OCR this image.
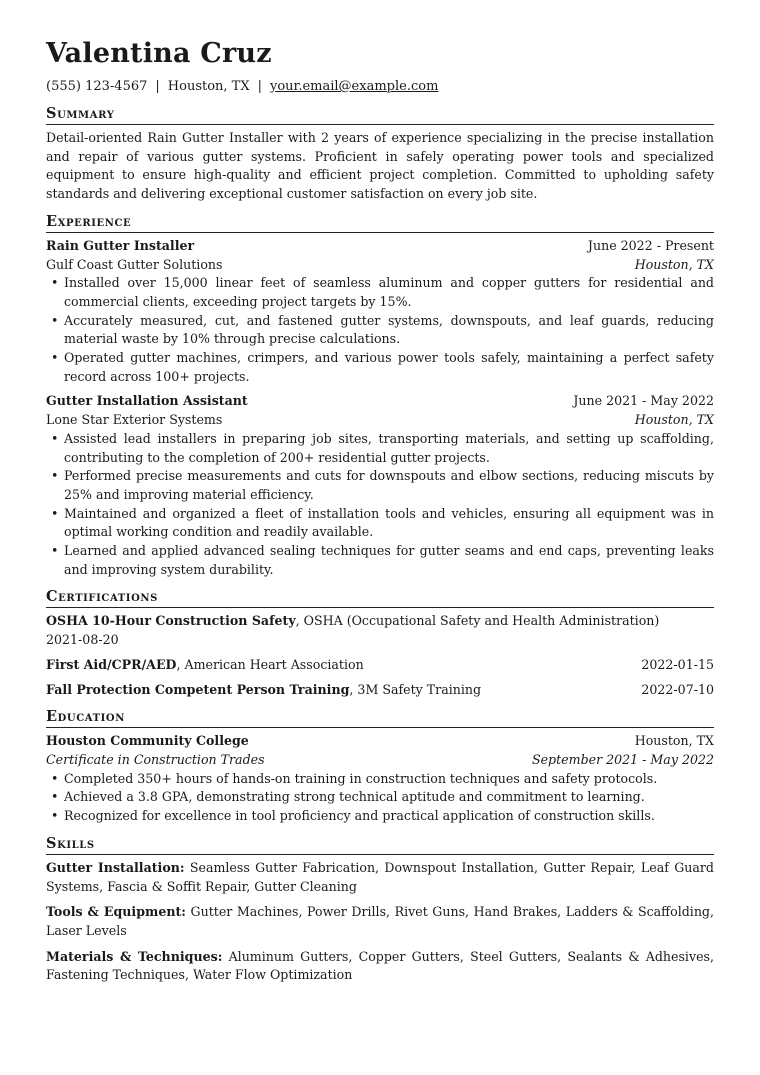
Valentina Cruz
(555) 123-4567 | Houston, TX | your.email@example.com
Summary
Detail-oriented Rain Gutter Installer with 2 years of experience specializing in the precise installation and repair of various gutter systems. Proficient in safely operating power tools and specialized equipment to ensure high-quality and efficient project completion. Committed to upholding safety standards and delivering exceptional customer satisfaction on every job site.
Experience
Rain Gutter Installer	June 2022 - Present
Gulf Coast Gutter Solutions	Houston, TX
• Installed over 15,000 linear feet of seamless aluminum and copper gutters for residential and commercial clients, exceeding project targets by 15%.
• Accurately measured, cut, and fastened gutter systems, downspouts, and leaf guards, reducing material waste by 10% through precise calculations.
• Operated gutter machines, crimpers, and various power tools safely, maintaining a perfect safety record across 100+ projects.
Gutter Installation Assistant	June 2021 - May 2022
Lone Star Exterior Systems	Houston, TX
• Assisted lead installers in preparing job sites, transporting materials, and setting up scaffolding, contributing to the completion of 200+ residential gutter projects.
• Performed precise measurements and cuts for downspouts and elbow sections, reducing miscuts by 25% and improving material efficiency.
• Maintained and organized a fleet of installation tools and vehicles, ensuring all equipment was in optimal working condition and readily available.
• Learned and applied advanced sealing techniques for gutter seams and end caps, preventing leaks and improving system durability.
Certifications
OSHA 10-Hour Construction Safety, OSHA (Occupational Safety and Health Administration)
2021-08-20
First Aid/CPR/AED, American Heart Association	2022-01-15
Fall Protection Competent Person Training, 3M Safety Training	2022-07-10
Education
Houston Community College	Houston, TX
Certificate in Construction Trades	September 2021 - May 2022
• Completed 350+ hours of hands-on training in construction techniques and safety protocols.
• Achieved a 3.8 GPA, demonstrating strong technical aptitude and commitment to learning.
• Recognized for excellence in tool proficiency and practical application of construction skills.
Skills
Gutter Installation: Seamless Gutter Fabrication, Downspout Installation, Gutter Repair, Leaf Guard Systems, Fascia & Soffit Repair, Gutter Cleaning
Tools & Equipment: Gutter Machines, Power Drills, Rivet Guns, Hand Brakes, Ladders & Scaffolding, Laser Levels
Materials & Techniques: Aluminum Gutters, Copper Gutters, Steel Gutters, Sealants & Adhesives, Fastening Techniques, Water Flow Optimization
